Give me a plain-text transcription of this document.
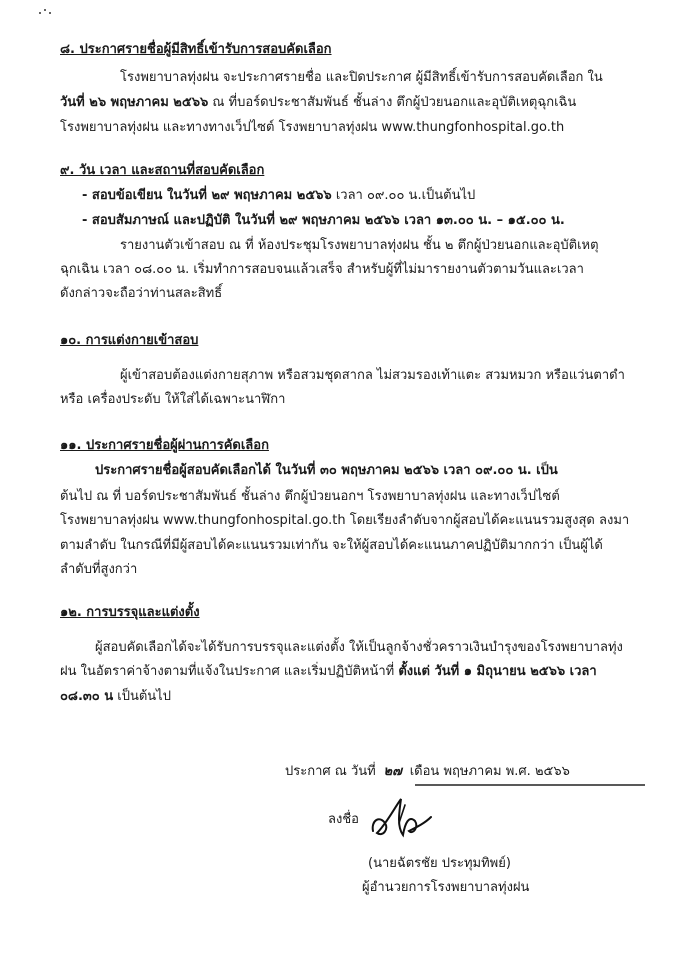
๘. ประกาศรายชื่อผู้มีสิทธิ์เข้ารับการสอบคัดเลือก
โรงพยาบาลทุ่งฝน จะประกาศรายชื่อ และปิดประกาศ ผู้มีสิทธิ์เข้ารับการสอบคัดเลือก ใน
วันที่ ๒๖ พฤษภาคม ๒๕๖๖ ณ ที่บอร์ดประชาสัมพันธ์ ชั้นล่าง ตึกผู้ป่วยนอกและอุบัติเหตุฉุกเฉิน
โรงพยาบาลทุ่งฝน และทางทางเว็ปไซต์ โรงพยาบาลทุ่งฝน www.thungfonhospital.go.th
๙. วัน เวลา และสถานที่สอบคัดเลือก
- สอบข้อเขียน ในวันที่ ๒๙ พฤษภาคม ๒๕๖๖ เวลา ๐๙.๐๐ น.เป็นต้นไป
- สอบสัมภาษณ์ และปฏิบัติ ในวันที่ ๒๙ พฤษภาคม ๒๕๖๖ เวลา ๑๓.๐๐ น. – ๑๕.๐๐ น.
รายงานตัวเข้าสอบ ณ ที่ ห้องประชุมโรงพยาบาลทุ่งฝน ชั้น ๒ ตึกผู้ป่วยนอกและอุบัติเหตุ
ฉุกเฉิน เวลา ๐๘.๐๐ น. เริ่มทำการสอบจนแล้วเสร็จ สำหรับผู้ที่ไม่มารายงานตัวตามวันและเวลา
ดังกล่าวจะถือว่าท่านสละสิทธิ์
๑๐. การแต่งกายเข้าสอบ
ผู้เข้าสอบต้องแต่งกายสุภาพ หรือสวมชุดสากล ไม่สวมรองเท้าแตะ สวมหมวก หรือแว่นตาดำ
หรือ เครื่องประดับ ให้ใส่ได้เฉพาะนาฬิกา
๑๑. ประกาศรายชื่อผู้ผ่านการคัดเลือก
ประกาศรายชื่อผู้สอบคัดเลือกได้ ในวันที่ ๓๐ พฤษภาคม ๒๕๖๖ เวลา ๐๙.๐๐ น. เป็น
ต้นไป ณ ที่ บอร์ดประชาสัมพันธ์ ชั้นล่าง ตึกผู้ป่วยนอกฯ โรงพยาบาลทุ่งฝน และทางเว็ปไซต์
โรงพยาบาลทุ่งฝน www.thungfonhospital.go.th โดยเรียงลำดับจากผู้สอบได้คะแนนรวมสูงสุด ลงมา
ตามลำดับ ในกรณีที่มีผู้สอบได้คะแนนรวมเท่ากัน จะให้ผู้สอบได้คะแนนภาคปฏิบัติมากกว่า เป็นผู้ได้
ลำดับที่สูงกว่า
๑๒. การบรรจุและแต่งตั้ง
ผู้สอบคัดเลือกได้จะได้รับการบรรจุและแต่งตั้ง ให้เป็นลูกจ้างชั่วคราวเงินบำรุงของโรงพยาบาลทุ่ง
ฝน ในอัตราค่าจ้างตามที่แจ้งในประกาศ และเริ่มปฏิบัติหน้าที่ ตั้งแต่ วันที่ ๑ มิถุนายน ๒๕๖๖ เวลา
๐๘.๓๐ น เป็นต้นไป
ประกาศ ณ วันที่ ๒๗ เดือน พฤษภาคม พ.ศ. ๒๕๖๖
ลงชื่อ
(นายฉัตรชัย ประทุมทิพย์)
ผู้อำนวยการโรงพยาบาลทุ่งฝน
